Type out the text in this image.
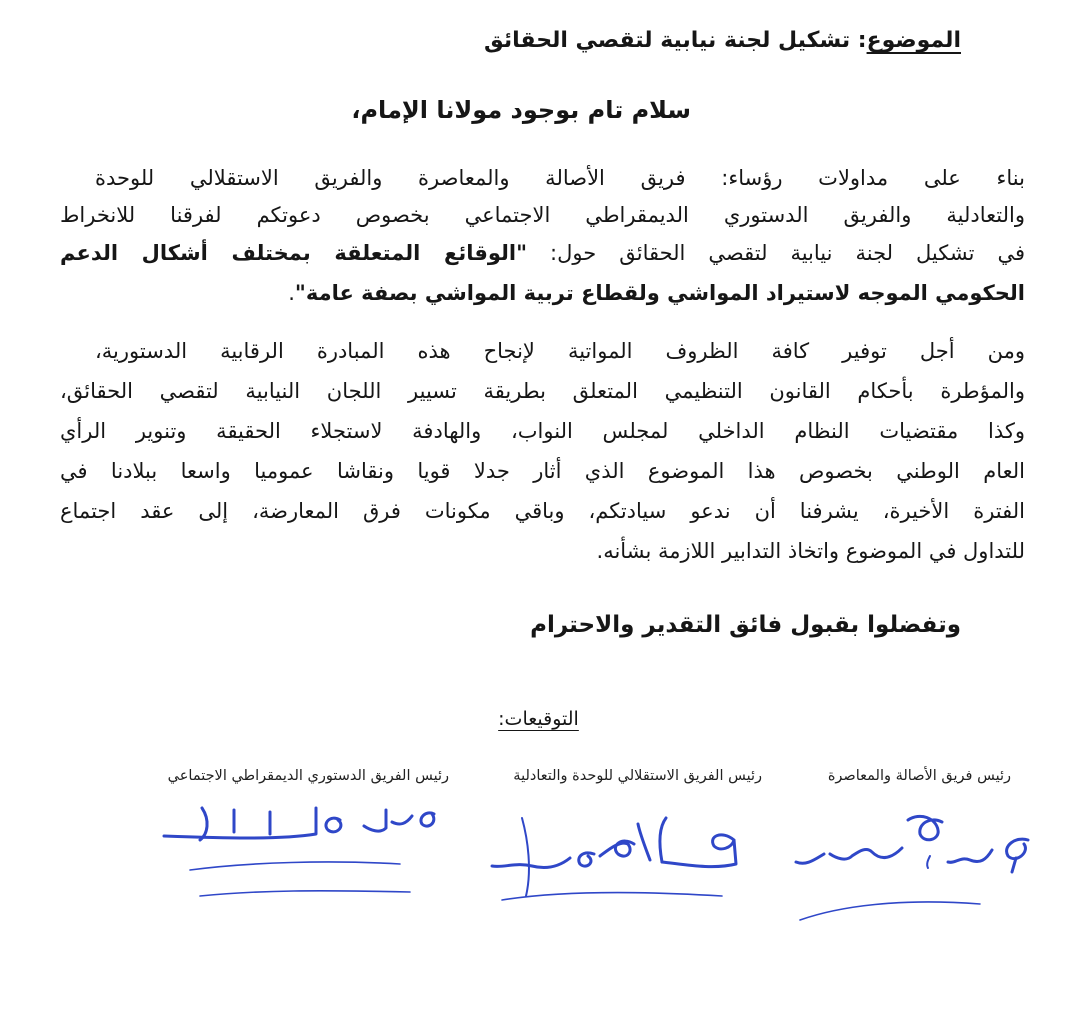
الموضوع: تشكيل لجنة نيابية لتقصي الحقائق
سلام تام بوجود مولانا الإمام،
بناء على مداولات رؤساء: فريق الأصالة والمعاصرة والفريق الاستقلالي للوحدة
والتعادلية والفريق الدستوري الديمقراطي الاجتماعي بخصوص دعوتكم لفرقنا للانخراط
في تشكيل لجنة نيابية لتقصي الحقائق حول: "الوقائع المتعلقة بمختلف أشكال الدعم
الحكومي الموجه لاستيراد المواشي ولقطاع تربية المواشي بصفة عامة".
ومن أجل توفير كافة الظروف المواتية لإنجاح هذه المبادرة الرقابية الدستورية،
والمؤطرة بأحكام القانون التنظيمي المتعلق بطريقة تسيير اللجان النيابية لتقصي الحقائق،
وكذا مقتضيات النظام الداخلي لمجلس النواب، والهادفة لاستجلاء الحقيقة وتنوير الرأي
العام الوطني بخصوص هذا الموضوع الذي أثار جدلا قويا ونقاشا عموميا واسعا ببلادنا في
الفترة الأخيرة، يشرفنا أن ندعو سيادتكم، وباقي مكونات فرق المعارضة، إلى عقد اجتماع
للتداول في الموضوع واتخاذ التدابير اللازمة بشأنه.
وتفضلوا بقبول فائق التقدير والاحترام
التوقيعات:
رئيس فريق الأصالة والمعاصرة
رئيس الفريق الاستقلالي للوحدة والتعادلية
رئيس الفريق الدستوري الديمقراطي الاجتماعي
